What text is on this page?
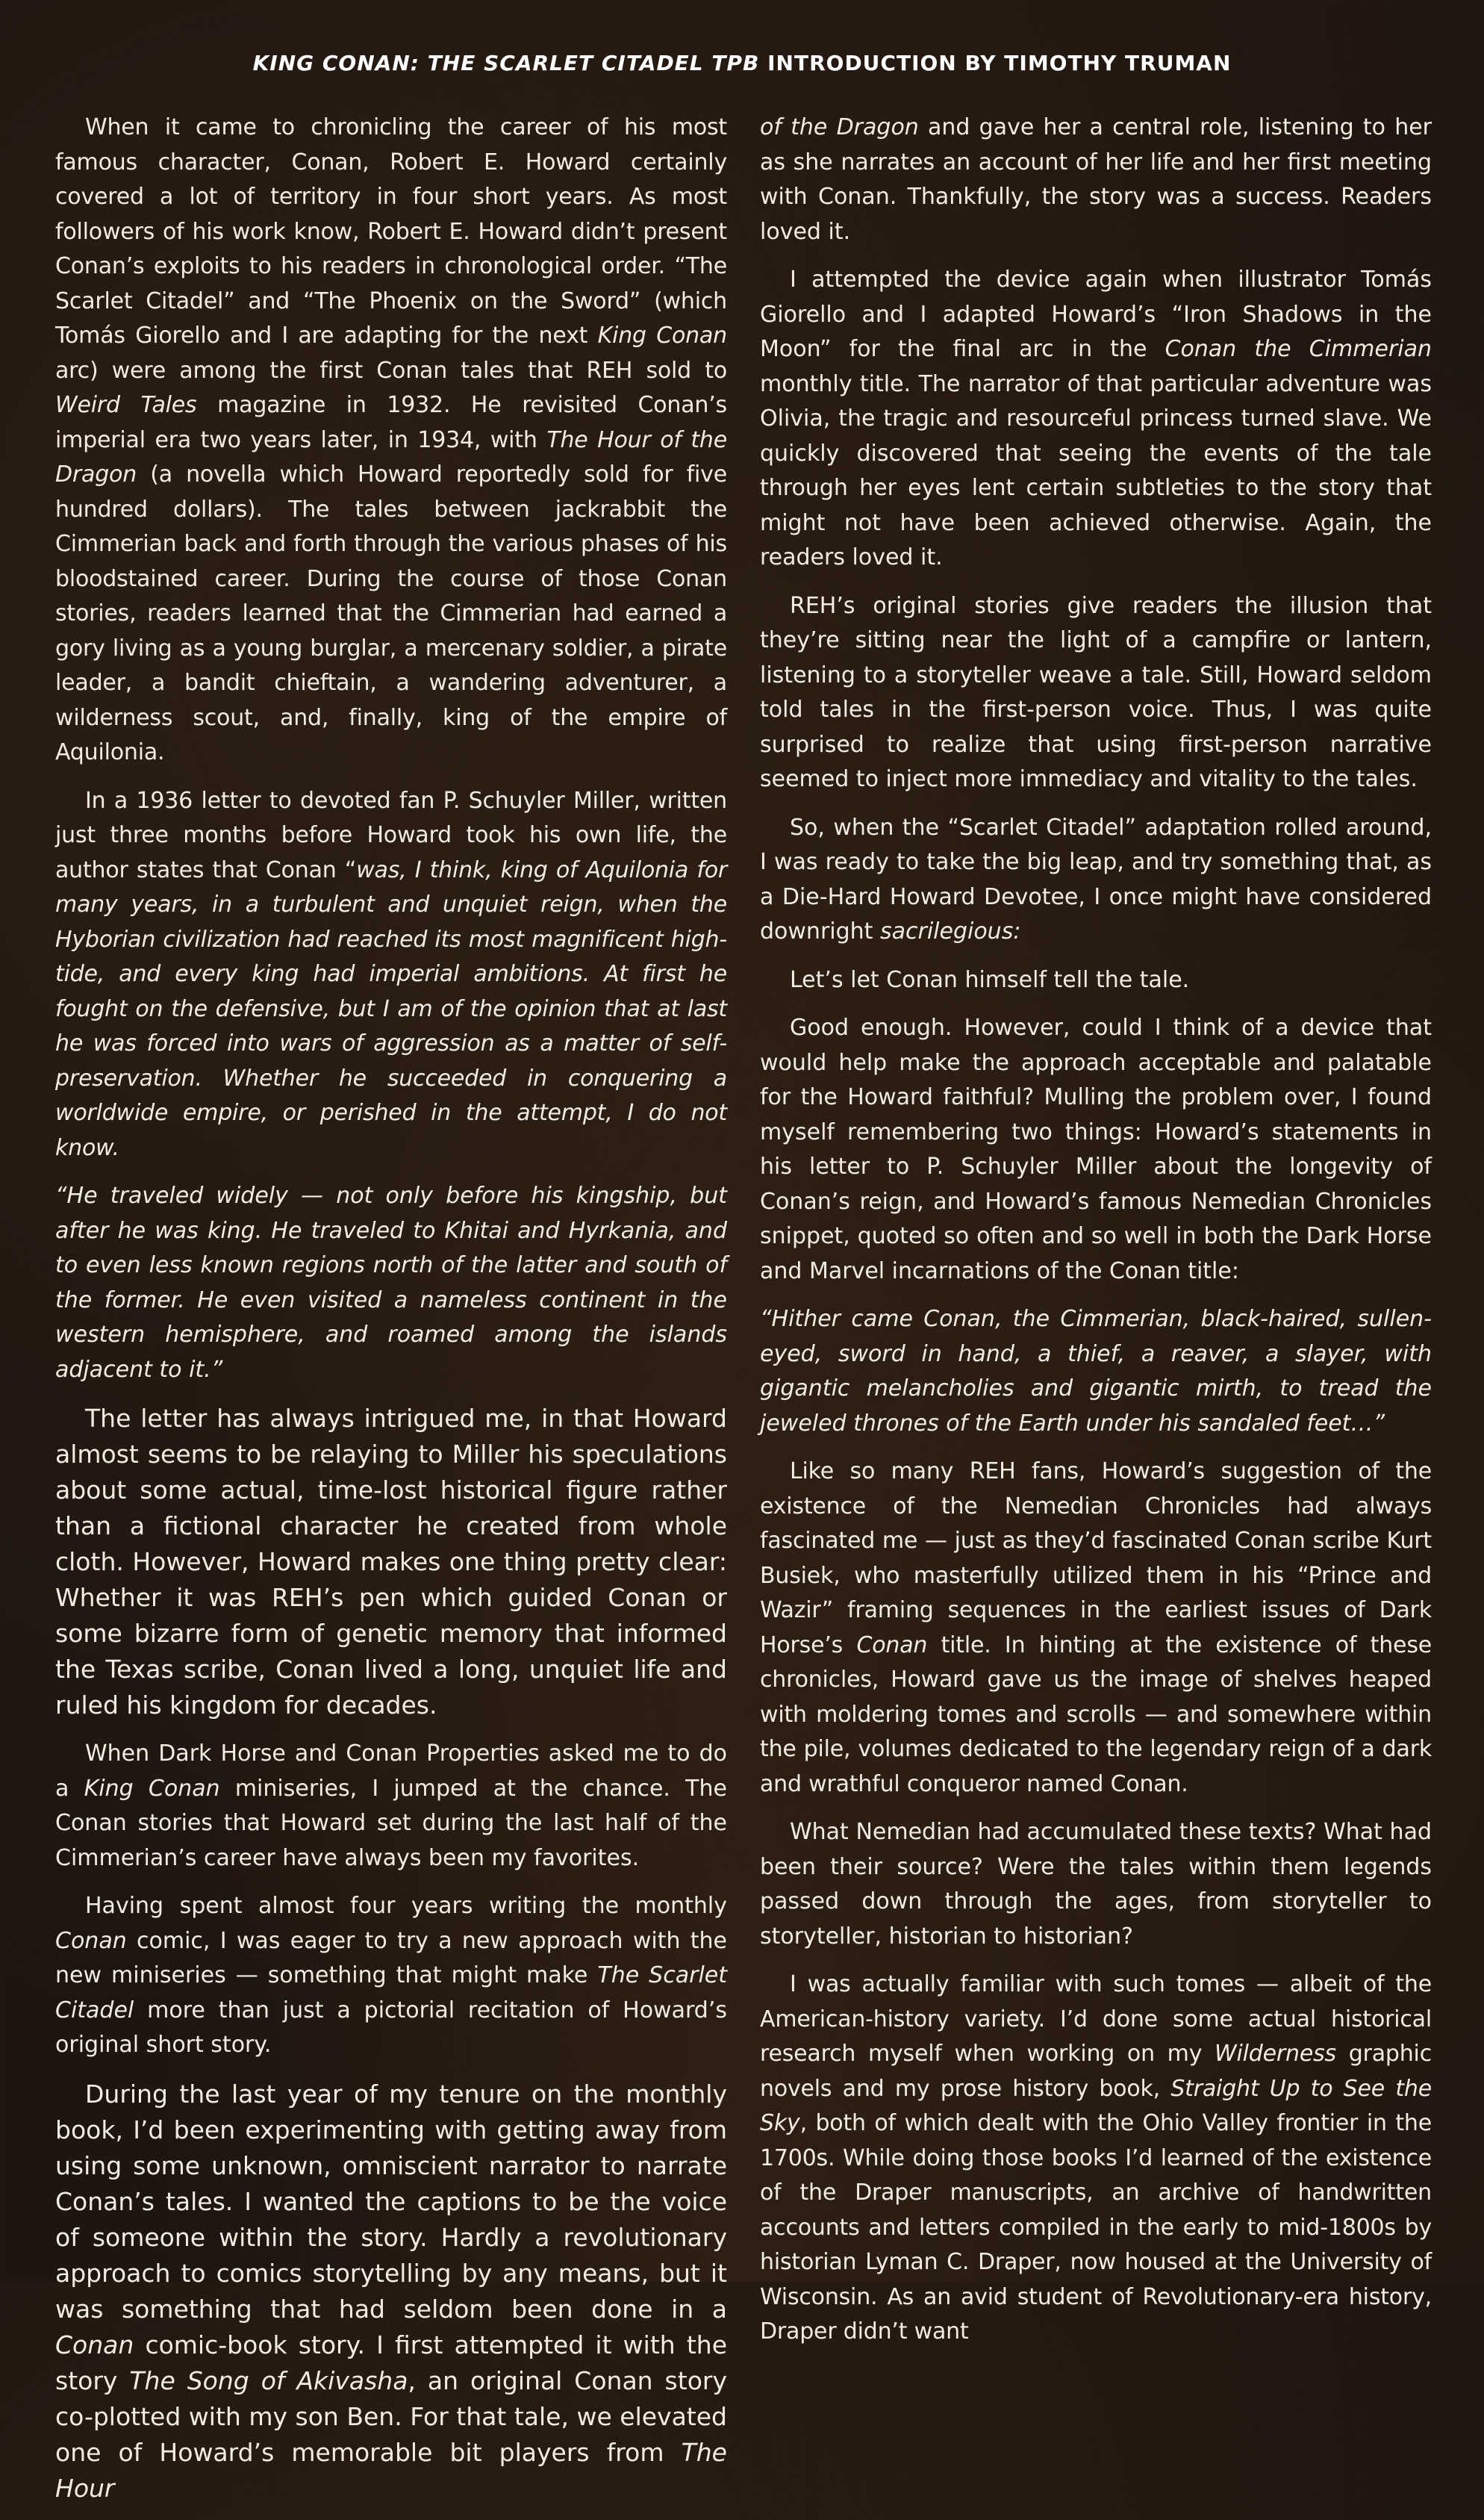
KING CONAN: THE SCARLET CITADEL TPB INTRODUCTION BY TIMOTHY TRUMAN

When it came to chronicling the career of his most famous character, Conan, Robert E. Howard certainly covered a lot of territory in four short years. As most followers of his work know, Robert E. Howard didn’t present Conan’s exploits to his readers in chronological order. “The Scarlet Citadel” and “The Phoenix on the Sword” (which Tomás Giorello and I are adapting for the next King Conan arc) were among the first Conan tales that REH sold to Weird Tales magazine in 1932. He revisited Conan’s imperial era two years later, in 1934, with The Hour of the Dragon (a novella which Howard reportedly sold for five hundred dollars). The tales between jackrabbit the Cimmerian back and forth through the various phases of his bloodstained career. During the course of those Conan stories, readers learned that the Cimmerian had earned a gory living as a young burglar, a mercenary soldier, a pirate leader, a bandit chieftain, a wandering adventurer, a wilderness scout, and, finally, king of the empire of Aquilonia.

In a 1936 letter to devoted fan P. Schuyler Miller, written just three months before Howard took his own life, the author states that Conan “was, I think, king of Aquilonia for many years, in a turbulent and unquiet reign, when the Hyborian civilization had reached its most magnificent high-tide, and every king had imperial ambitions. At first he fought on the defensive, but I am of the opinion that at last he was forced into wars of aggression as a matter of self-preservation. Whether he succeeded in conquering a worldwide empire, or perished in the attempt, I do not know.

“He traveled widely — not only before his kingship, but after he was king. He traveled to Khitai and Hyrkania, and to even less known regions north of the latter and south of the former. He even visited a nameless continent in the western hemisphere, and roamed among the islands adjacent to it.”

The letter has always intrigued me, in that Howard almost seems to be relaying to Miller his speculations about some actual, time-lost historical figure rather than a fictional character he created from whole cloth. However, Howard makes one thing pretty clear: Whether it was REH’s pen which guided Conan or some bizarre form of genetic memory that informed the Texas scribe, Conan lived a long, unquiet life and ruled his kingdom for decades.

When Dark Horse and Conan Properties asked me to do a King Conan miniseries, I jumped at the chance. The Conan stories that Howard set during the last half of the Cimmerian’s career have always been my favorites.

Having spent almost four years writing the monthly Conan comic, I was eager to try a new approach with the new miniseries — something that might make The Scarlet Citadel more than just a pictorial recitation of Howard’s original short story.

During the last year of my tenure on the monthly book, I’d been experimenting with getting away from using some unknown, omniscient narrator to narrate Conan’s tales. I wanted the captions to be the voice of someone within the story. Hardly a revolutionary approach to comics storytelling by any means, but it was something that had seldom been done in a Conan comic-book story. I first attempted it with the story The Song of Akivasha, an original Conan story co-plotted with my son Ben. For that tale, we elevated one of Howard’s memorable bit players from The Hour

of the Dragon and gave her a central role, listening to her as she narrates an account of her life and her first meeting with Conan. Thankfully, the story was a success. Readers loved it.

I attempted the device again when illustrator Tomás Giorello and I adapted Howard’s “Iron Shadows in the Moon” for the final arc in the Conan the Cimmerian monthly title. The narrator of that particular adventure was Olivia, the tragic and resourceful princess turned slave. We quickly discovered that seeing the events of the tale through her eyes lent certain subtleties to the story that might not have been achieved otherwise. Again, the readers loved it.

REH’s original stories give readers the illusion that they’re sitting near the light of a campfire or lantern, listening to a storyteller weave a tale. Still, Howard seldom told tales in the first-person voice. Thus, I was quite surprised to realize that using first-person narrative seemed to inject more immediacy and vitality to the tales.

So, when the “Scarlet Citadel” adaptation rolled around, I was ready to take the big leap, and try something that, as a Die-Hard Howard Devotee, I once might have considered downright sacrilegious:

Let’s let Conan himself tell the tale.

Good enough. However, could I think of a device that would help make the approach acceptable and palatable for the Howard faithful? Mulling the problem over, I found myself remembering two things: Howard’s statements in his letter to P. Schuyler Miller about the longevity of Conan’s reign, and Howard’s famous Nemedian Chronicles snippet, quoted so often and so well in both the Dark Horse and Marvel incarnations of the Conan title:

“Hither came Conan, the Cimmerian, black-haired, sullen-eyed, sword in hand, a thief, a reaver, a slayer, with gigantic melancholies and gigantic mirth, to tread the jeweled thrones of the Earth under his sandaled feet…”

Like so many REH fans, Howard’s suggestion of the existence of the Nemedian Chronicles had always fascinated me — just as they’d fascinated Conan scribe Kurt Busiek, who masterfully utilized them in his “Prince and Wazir” framing sequences in the earliest issues of Dark Horse’s Conan title. In hinting at the existence of these chronicles, Howard gave us the image of shelves heaped with moldering tomes and scrolls — and somewhere within the pile, volumes dedicated to the legendary reign of a dark and wrathful conqueror named Conan.

What Nemedian had accumulated these texts? What had been their source? Were the tales within them legends passed down through the ages, from storyteller to storyteller, historian to historian?

I was actually familiar with such tomes — albeit of the American-history variety. I’d done some actual historical research myself when working on my Wilderness graphic novels and my prose history book, Straight Up to See the Sky, both of which dealt with the Ohio Valley frontier in the 1700s. While doing those books I’d learned of the existence of the Draper manuscripts, an archive of handwritten accounts and letters compiled in the early to mid-1800s by historian Lyman C. Draper, now housed at the University of Wisconsin. As an avid student of Revolutionary-era history, Draper didn’t want
